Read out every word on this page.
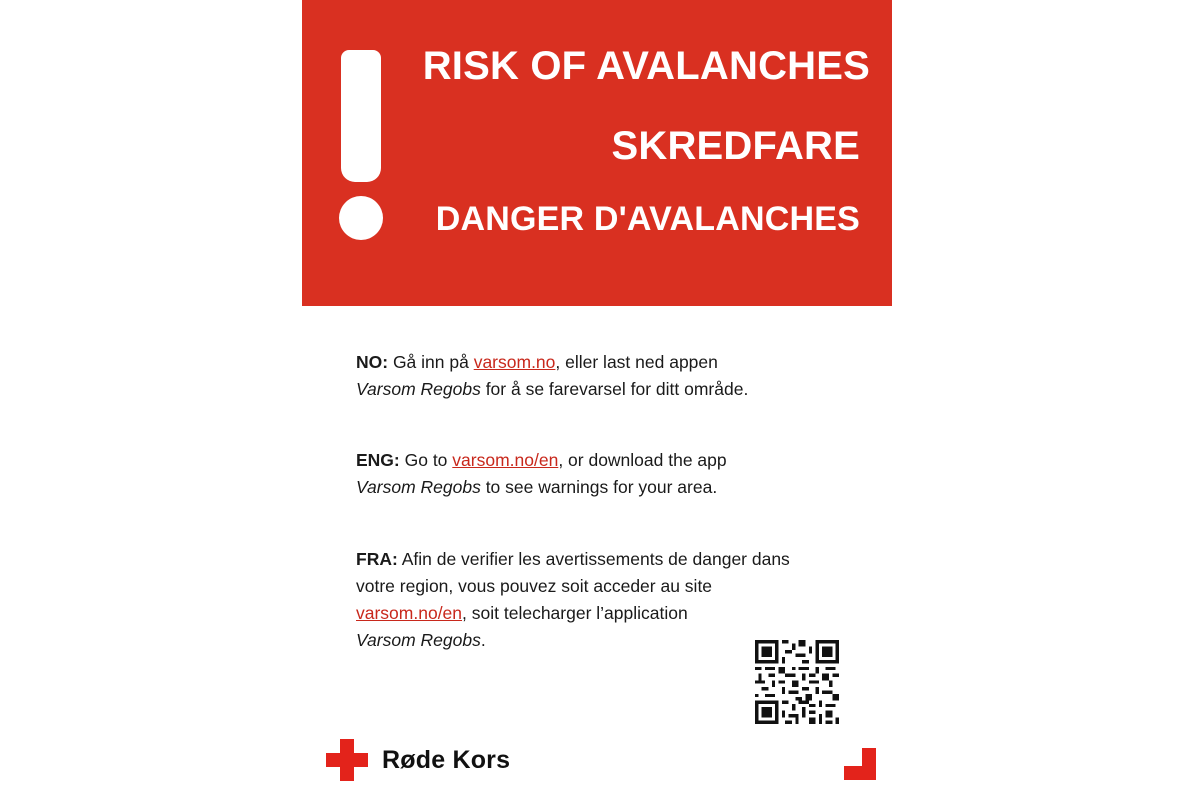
RISK OF AVALANCHES
SKREDFARE
DANGER D'AVALANCHES
NO: Gå inn på varsom.no, eller last ned appen
Varsom Regobs for å se farevarsel for ditt område.
ENG: Go to varsom.no/en, or download the app
Varsom Regobs to see warnings for your area.
FRA: Afin de verifier les avertissements de danger dans
votre region, vous pouvez soit acceder au site
varsom.no/en, soit telecharger l’application
Varsom Regobs.
Røde Kors
